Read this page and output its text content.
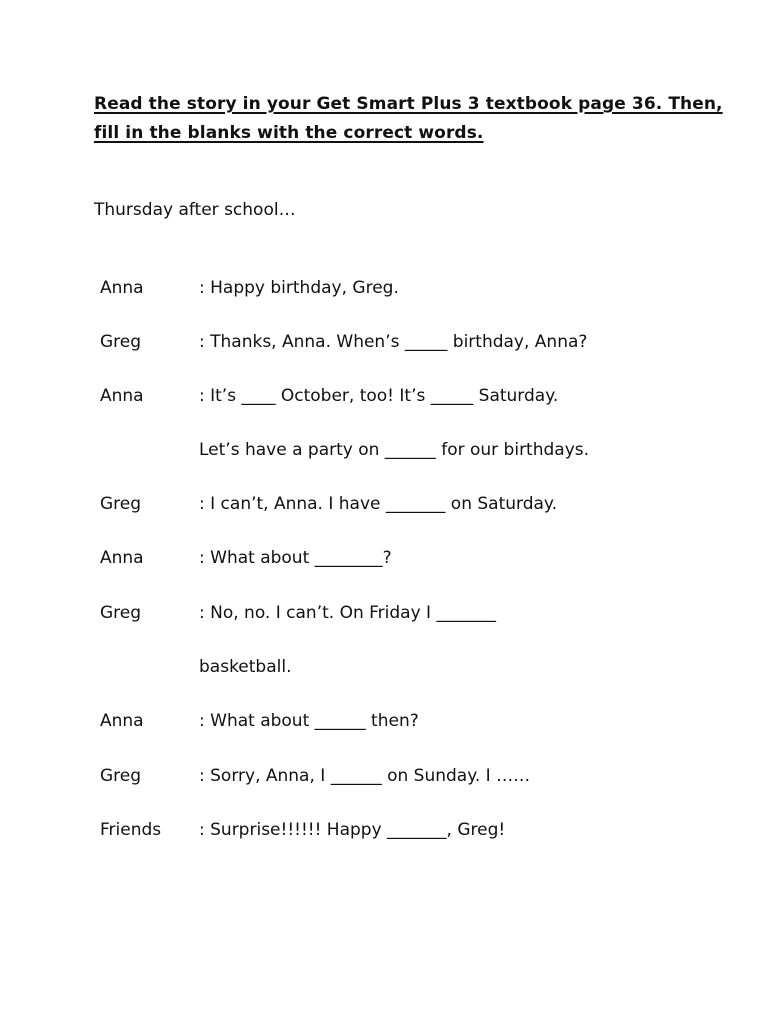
Read the story in your Get Smart Plus 3 textbook page 36. Then, fill in the blanks with the correct words.
Thursday after school…
Anna	: Happy birthday, Greg.
Greg	: Thanks, Anna. When’s _____ birthday, Anna?
Anna	: It’s ____ October, too! It’s _____ Saturday.
Let’s have a party on ______ for our birthdays.
Greg	: I can’t, Anna. I have _______ on Saturday.
Anna	: What about ________?
Greg	: No, no. I can’t. On Friday I _______
basketball.
Anna	: What about ______ then?
Greg	: Sorry, Anna, I ______ on Sunday. I ……
Friends : Surprise!!!!!! Happy _______, Greg!
